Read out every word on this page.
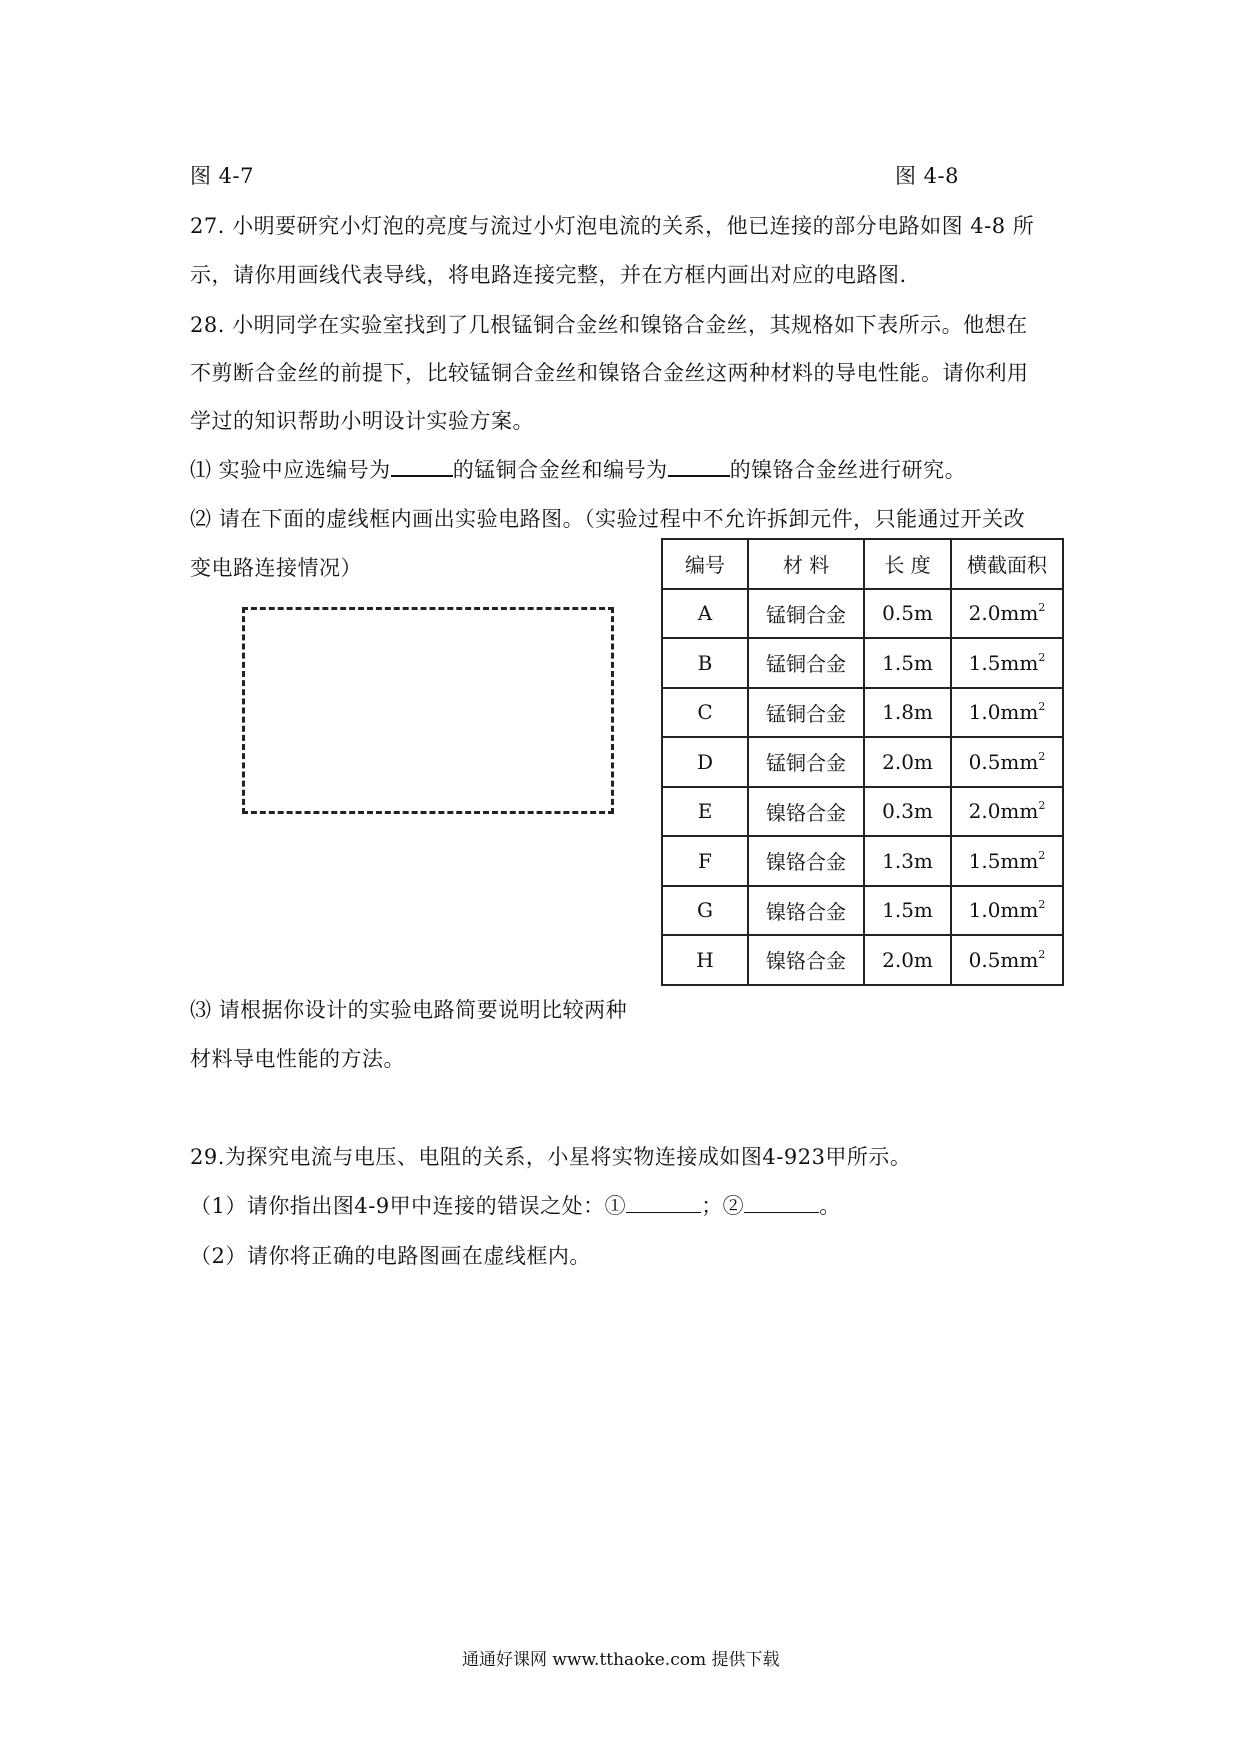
图 4-7	图 4-8
27. 小明要研究小灯泡的亮度与流过小灯泡电流的关系，他已连接的部分电路如图 4-8 所
示，请你用画线代表导线，将电路连接完整，并在方框内画出对应的电路图.
28. 小明同学在实验室找到了几根锰铜合金丝和镍铬合金丝，其规格如下表所示。他想在
不剪断合金丝的前提下，比较锰铜合金丝和镍铬合金丝这两种材料的导电性能。请你利用
学过的知识帮助小明设计实验方案。
⑴ 实验中应选编号为	的锰铜合金丝和编号为	的镍铬合金丝进行研究。
⑵ 请在下面的虚线框内画出实验电路图。（实验过程中不允许拆卸元件，只能通过开关改
变电路连接情况）	编号	材 料	长 度	横截面积
A	锰铜合金	0.5m	$2.0mm^2$
B	锰铜合金	1.5m	$1.5mm^2$
C	锰铜合金	1.8m	$1.0mm^2$
D	锰铜合金	2.0m	$0.5mm^2$
E	镍铬合金	0.3m	$2.0mm^2$
F	镍铬合金	1.3m	$1.5mm^2$
G	镍铬合金	1.5m	$1.0mm^2$
H	镍铬合金	2.0m	$0.5mm^2$
⑶ 请根据你设计的实验电路简要说明比较两种
材料导电性能的方法。
29.为探究电流与电压、电阻的关系，小星将实物连接成如图4-923甲所示。
（1）请你指出图4-9甲中连接的错误之处：①	；②	。
（2）请你将正确的电路图画在虚线框内。
通通好课网 www.tthaoke.com 提供下载
